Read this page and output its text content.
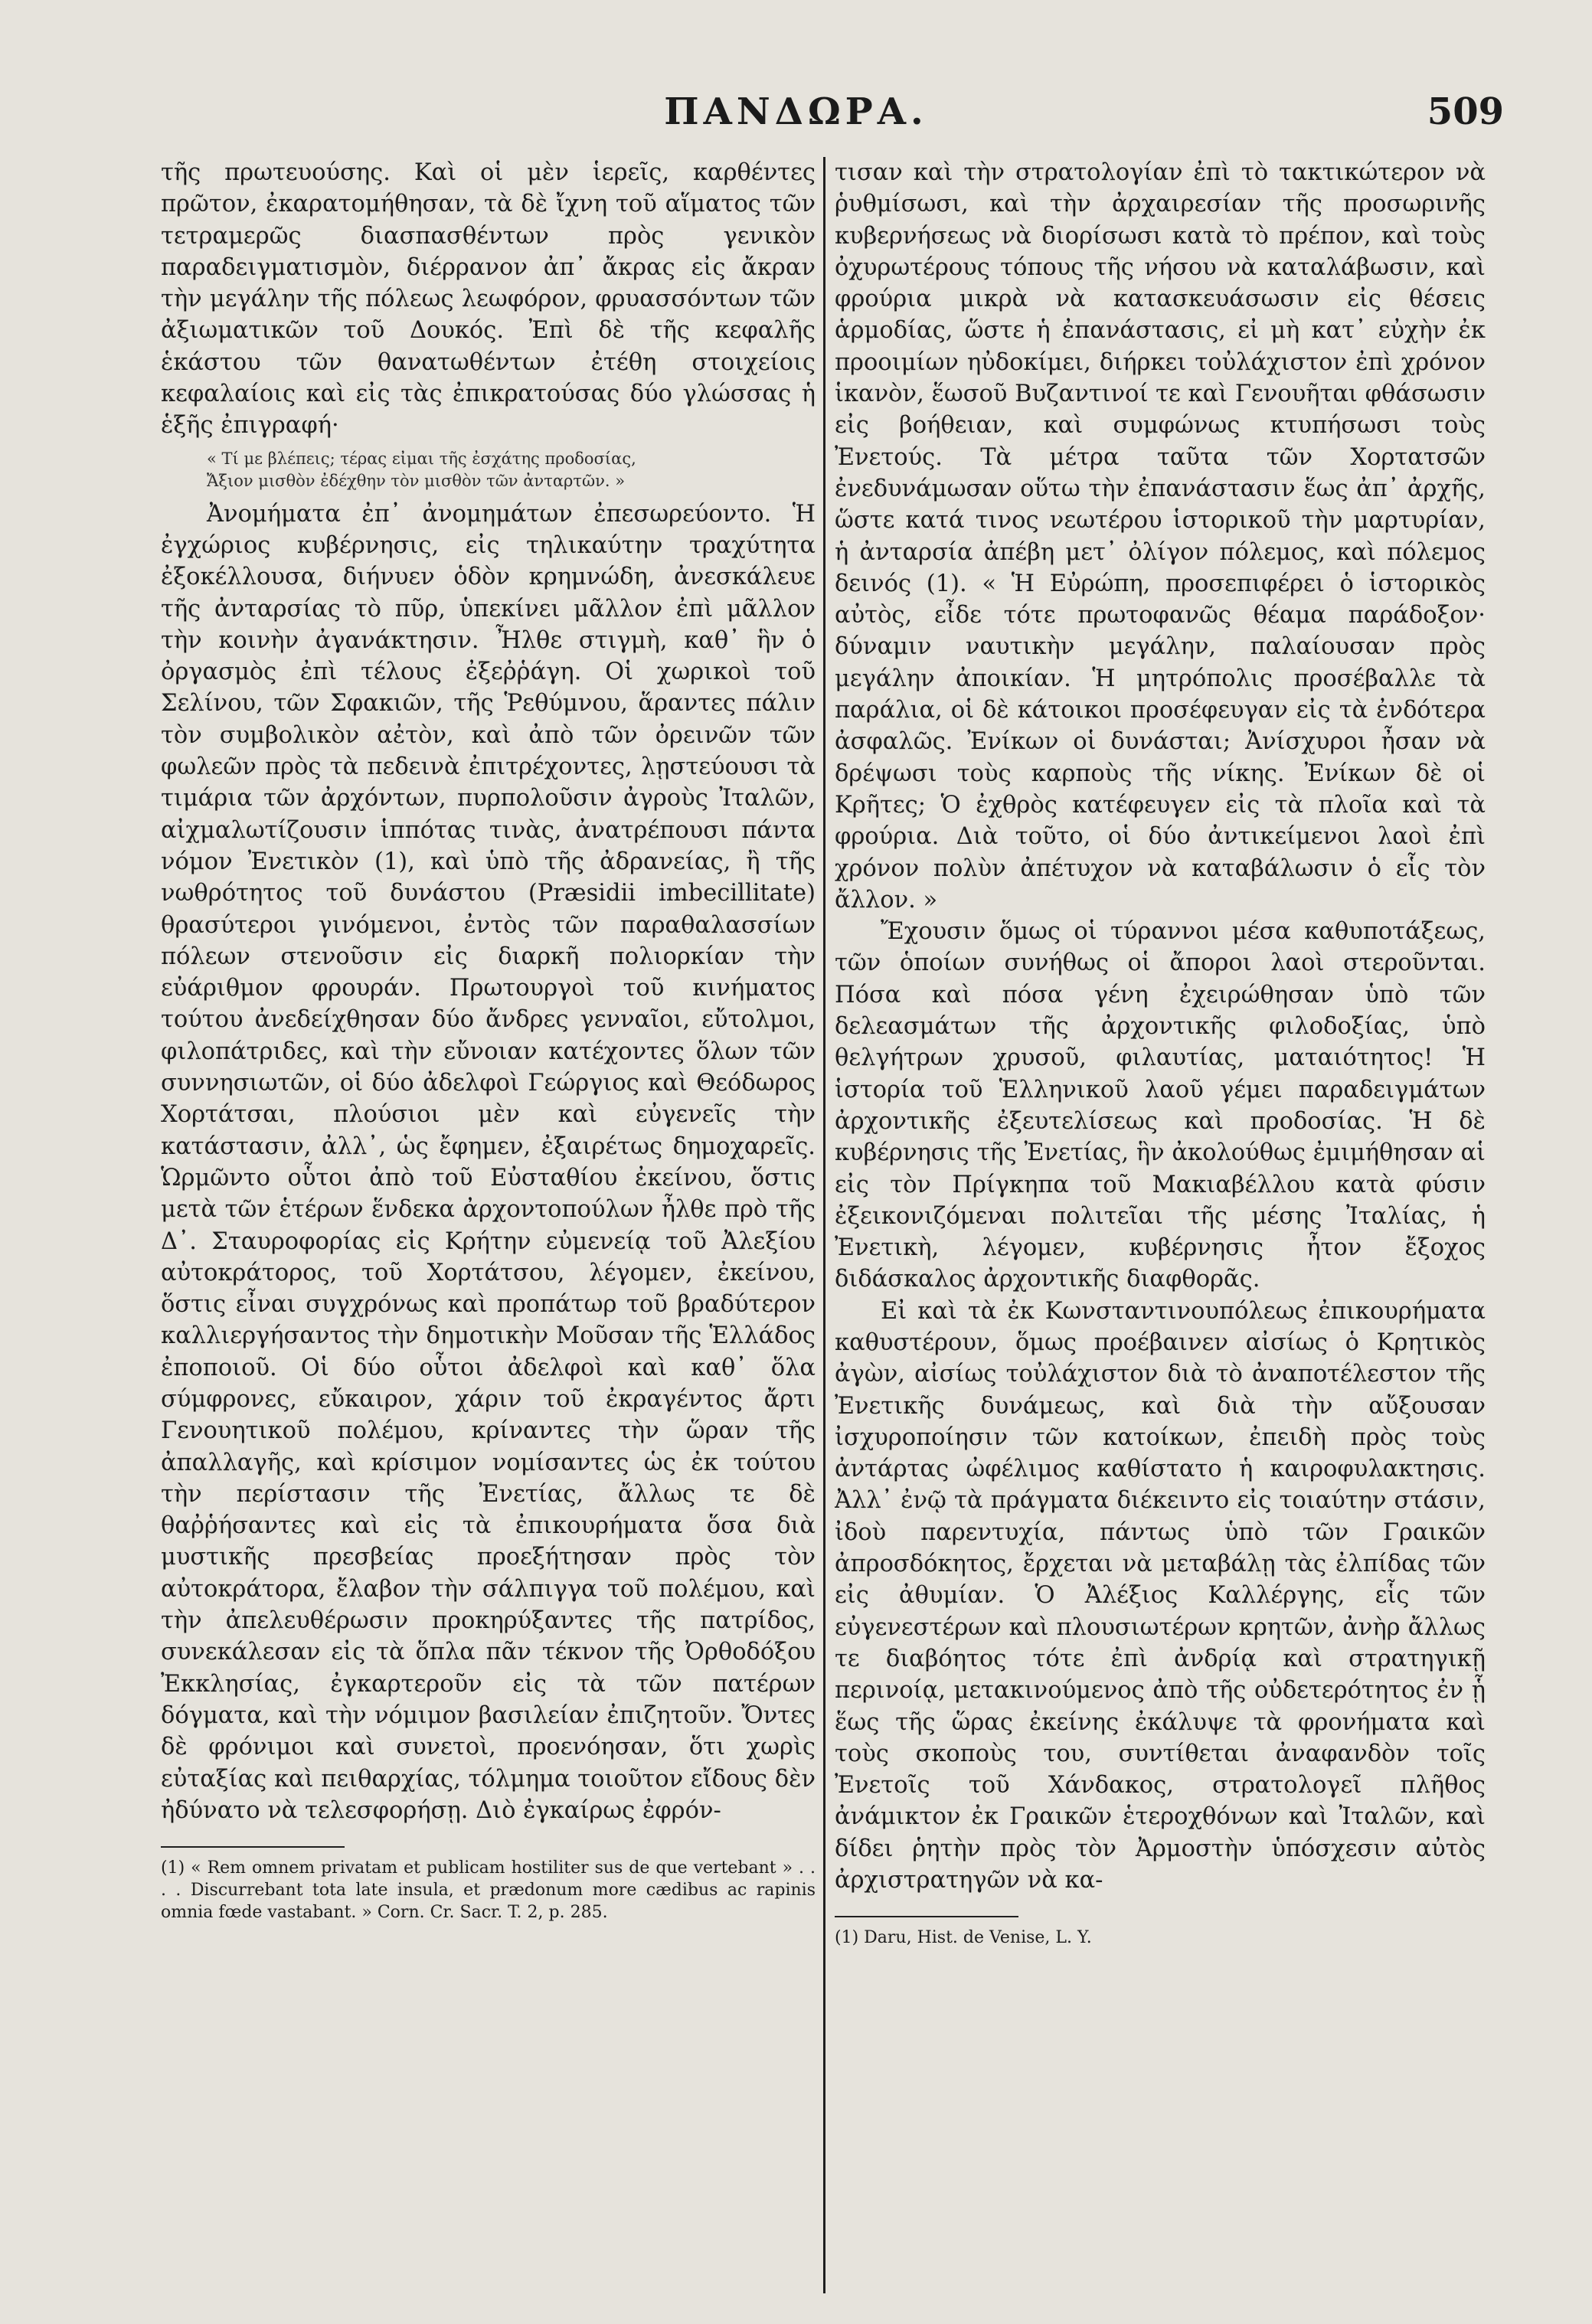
ΠΑΝΔΩΡΑ.	509

τῆς πρωτευούσης. Καὶ οἱ μὲν ἱερεῖς, καρθέντες πρῶτον, ἐκαρατομήθησαν, τὰ δὲ ἴχνη τοῦ αἵματος τῶν τετραμερῶς διασπασθέντων πρὸς γενικὸν παραδειγματισμὸν, διέρρανον ἀπ᾽ ἄκρας εἰς ἄκραν τὴν μεγάλην τῆς πόλεως λεωφόρον, φρυασσόντων τῶν ἀξιωματικῶν τοῦ Δουκός. Ἐπὶ δὲ τῆς κεφαλῆς ἑκάστου τῶν θανατωθέντων ἐτέθη στοιχείοις κεφαλαίοις καὶ εἰς τὰς ἐπικρατούσας δύο γλώσσας ἡ ἑξῆς ἐπιγραφή·

« Τί με βλέπεις; τέρας εἰμαι τῆς ἐσχάτης προδοσίας,
Ἄξιον μισθὸν ἐδέχθην τὸν μισθὸν τῶν ἀνταρτῶν. »

Ἀνομήματα ἐπ᾽ ἀνομημάτων ἐπεσωρεύοντο. Ἡ ἐγχώριος κυβέρνησις, εἰς τηλικαύτην τραχύτητα ἐξοκέλλουσα, διήνυεν ὁδὸν κρημνώδη, ἀνεσκάλευε τῆς ἀνταρσίας τὸ πῦρ, ὑπεκίνει μᾶλλον ἐπὶ μᾶλλον τὴν κοινὴν ἀγανάκτησιν. Ἦλθε στιγμὴ, καθ᾽ ἣν ὁ ὀργασμὸς ἐπὶ τέλους ἐξεῤῥάγη. Οἱ χωρικοὶ τοῦ Σελίνου, τῶν Σφακιῶν, τῆς Ῥεθύμνου, ἅραντες πάλιν τὸν συμβολικὸν αἐτὸν, καὶ ἀπὸ τῶν ὀρεινῶν τῶν φωλεῶν πρὸς τὰ πεδεινὰ ἐπιτρέχοντες, λῃστεύουσι τὰ τιμάρια τῶν ἀρχόντων, πυρπολοῦσιν ἀγροὺς Ἰταλῶν, αἰχμαλωτίζουσιν ἱππότας τινὰς, ἀνατρέπουσι πάντα νόμον Ἐνετικὸν (1), καὶ ὑπὸ τῆς ἀδρανείας, ἢ τῆς νωθρότητος τοῦ δυνάστου (Præsidii imbecillitate) θρασύτεροι γινόμενοι, ἐντὸς τῶν παραθαλασσίων πόλεων στενοῦσιν εἰς διαρκῆ πολιορκίαν τὴν εὐάριθμον φρουράν. Πρωτουργοὶ τοῦ κινήματος τούτου ἀνεδείχθησαν δύο ἄνδρες γενναῖοι, εὔτολμοι, φιλοπάτριδες, καὶ τὴν εὔνοιαν κατέχοντες ὅλων τῶν συννησιωτῶν, οἱ δύο ἀδελφοὶ Γεώργιος καὶ Θεόδωρος Χορτάτσαι, πλούσιοι μὲν καὶ εὐγενεῖς τὴν κατάστασιν, ἀλλ᾽, ὡς ἔφημεν, ἐξαιρέτως δημοχαρεῖς. Ὡρμῶντο οὗτοι ἀπὸ τοῦ Εὐσταθίου ἐκείνου, ὅστις μετὰ τῶν ἑτέρων ἕνδεκα ἀρχοντοπούλων ἦλθε πρὸ τῆς Δ᾽. Σταυροφορίας εἰς Κρήτην εὐμενείᾳ τοῦ Ἀλεξίου αὐτοκράτορος, τοῦ Χορτάτσου, λέγομεν, ἐκείνου, ὅστις εἶναι συγχρόνως καὶ προπάτωρ τοῦ βραδύτερον καλλιεργήσαντος τὴν δημοτικὴν Μοῦσαν τῆς Ἑλλάδος ἐποποιοῦ. Οἱ δύο οὗτοι ἀδελφοὶ καὶ καθ᾽ ὅλα σύμφρονες, εὔκαιρον, χάριν τοῦ ἐκραγέντος ἄρτι Γενουητικοῦ πολέμου, κρίναντες τὴν ὥραν τῆς ἀπαλλαγῆς, καὶ κρίσιμον νομίσαντες ὡς ἐκ τούτου τὴν περίστασιν τῆς Ἐνετίας, ἄλλως τε δὲ θαῤῥήσαντες καὶ εἰς τὰ ἐπικουρήματα ὅσα διὰ μυστικῆς πρεσβείας προεξήτησαν πρὸς τὸν αὐτοκράτορα, ἔλαβον τὴν σάλπιγγα τοῦ πολέμου, καὶ τὴν ἀπελευθέρωσιν προκηρύξαντες τῆς πατρίδος, συνεκάλεσαν εἰς τὰ ὅπλα πᾶν τέκνον τῆς Ὀρθοδόξου Ἐκκλησίας, ἐγκαρτεροῦν εἰς τὰ τῶν πατέρων δόγματα, καὶ τὴν νόμιμον βασιλείαν ἐπιζητοῦν. Ὄντες δὲ φρόνιμοι καὶ συνετοὶ, προενόησαν, ὅτι χωρὶς εὐταξίας καὶ πειθαρχίας, τόλμημα τοιοῦτον εἴδους δὲν ἠδύνατο νὰ τελεσφορήσῃ. Διὸ ἐγκαίρως ἐφρόν-

(1) « Rem omnem privatam et publicam hostiliter sus de que vertebant » . . . . Discurrebant tota late insula, et prædonum more cædibus ac rapinis omnia fœde vastabant. » Corn. Cr. Sacr. T. 2, p. 285.

τισαν καὶ τὴν στρατολογίαν ἐπὶ τὸ τακτικώτερον νὰ ῥυθμίσωσι, καὶ τὴν ἀρχαιρεσίαν τῆς προσωρινῆς κυβερνήσεως νὰ διορίσωσι κατὰ τὸ πρέπον, καὶ τοὺς ὀχυρωτέρους τόπους τῆς νήσου νὰ καταλάβωσιν, καὶ φρούρια μικρὰ νὰ κατασκευάσωσιν εἰς θέσεις ἁρμοδίας, ὥστε ἡ ἐπανάστασις, εἰ μὴ κατ᾽ εὐχὴν ἐκ προοιμίων ηὐδοκίμει, διήρκει τοὐλάχιστον ἐπὶ χρόνον ἱκανὸν, ἕωσοῦ Βυζαντινοί τε καὶ Γενουῆται φθάσωσιν εἰς βοήθειαν, καὶ συμφώνως κτυπήσωσι τοὺς Ἐνετούς. Τὰ μέτρα ταῦτα τῶν Χορτατσῶν ἐνεδυνάμωσαν οὕτω τὴν ἐπανάστασιν ἕως ἀπ᾽ ἀρχῆς, ὥστε κατά τινος νεωτέρου ἱστορικοῦ τὴν μαρτυρίαν, ἡ ἀνταρσία ἀπέβη μετ᾽ ὀλίγον πόλεμος, καὶ πόλεμος δεινός (1). « Ἡ Εὐρώπη, προσεπιφέρει ὁ ἱστορικὸς αὐτὸς, εἶδε τότε πρωτοφανῶς θέαμα παράδοξον· δύναμιν ναυτικὴν μεγάλην, παλαίουσαν πρὸς μεγάλην ἀποικίαν. Ἡ μητρόπολις προσέβαλλε τὰ παράλια, οἱ δὲ κάτοικοι προσέφευγαν εἰς τὰ ἐνδότερα ἀσφαλῶς. Ἐνίκων οἱ δυνάσται; Ἀνίσχυροι ἦσαν νὰ δρέψωσι τοὺς καρποὺς τῆς νίκης. Ἐνίκων δὲ οἱ Κρῆτες; Ὁ ἐχθρὸς κατέφευγεν εἰς τὰ πλοῖα καὶ τὰ φρούρια. Διὰ τοῦτο, οἱ δύο ἀντικείμενοι λαοὶ ἐπὶ χρόνον πολὺν ἀπέτυχον νὰ καταβάλωσιν ὁ εἷς τὸν ἄλλον. »

Ἔχουσιν ὅμως οἱ τύραννοι μέσα καθυποτάξεως, τῶν ὁποίων συνήθως οἱ ἄποροι λαοὶ στεροῦνται. Πόσα καὶ πόσα γένη ἐχειρώθησαν ὑπὸ τῶν δελεασμάτων τῆς ἀρχοντικῆς φιλοδοξίας, ὑπὸ θελγήτρων χρυσοῦ, φιλαυτίας, ματαιότητος! Ἡ ἱστορία τοῦ Ἑλληνικοῦ λαοῦ γέμει παραδειγμάτων ἀρχοντικῆς ἐξευτελίσεως καὶ προδοσίας. Ἡ δὲ κυβέρνησις τῆς Ἐνετίας, ἣν ἀκολούθως ἐμιμήθησαν αἱ εἰς τὸν Πρίγκηπα τοῦ Μακιαβέλλου κατὰ φύσιν ἐξεικονιζόμεναι πολιτεῖαι τῆς μέσης Ἰταλίας, ἡ Ἐνετικὴ, λέγομεν, κυβέρνησις ἦτον ἔξοχος διδάσκαλος ἀρχοντικῆς διαφθορᾶς.

Εἰ καὶ τὰ ἐκ Κωνσταντινουπόλεως ἐπικουρήματα καθυστέρουν, ὅμως προέβαινεν αἰσίως ὁ Κρητικὸς ἀγὼν, αἰσίως τοὐλάχιστον διὰ τὸ ἀναποτέλεστον τῆς Ἐνετικῆς δυνάμεως, καὶ διὰ τὴν αὔξουσαν ἰσχυροποίησιν τῶν κατοίκων, ἐπειδὴ πρὸς τοὺς ἀντάρτας ὠφέλιμος καθίστατο ἡ καιροφυλακτησις. Ἀλλ᾽ ἐνῷ τὰ πράγματα διέκειντο εἰς τοιαύτην στάσιν, ἰδοὺ παρεντυχία, πάντως ὑπὸ τῶν Γραικῶν ἀπροσδόκητος, ἔρχεται νὰ μεταβάλῃ τὰς ἐλπίδας τῶν εἰς ἀθυμίαν. Ὁ Ἀλέξιος Καλλέργης, εἷς τῶν εὐγενεστέρων καὶ πλουσιωτέρων κρητῶν, ἀνὴρ ἄλλως τε διαβόητος τότε ἐπὶ ἀνδρίᾳ καὶ στρατηγικῇ περινοίᾳ, μετακινούμενος ἀπὸ τῆς οὐδετερότητος ἐν ᾗ ἕως τῆς ὥρας ἐκείνης ἐκάλυψε τὰ φρονήματα καὶ τοὺς σκοποὺς του, συντίθεται ἀναφανδὸν τοῖς Ἐνετοῖς τοῦ Χάνδακος, στρατολογεῖ πλῆθος ἀνάμικτον ἐκ Γραικῶν ἑτεροχθόνων καὶ Ἰταλῶν, καὶ δίδει ῥητὴν πρὸς τὸν Ἀρμοστὴν ὑπόσχεσιν αὐτὸς ἀρχιστρατηγῶν νὰ κα-

(1) Daru, Hist. de Venise, L. Y.
